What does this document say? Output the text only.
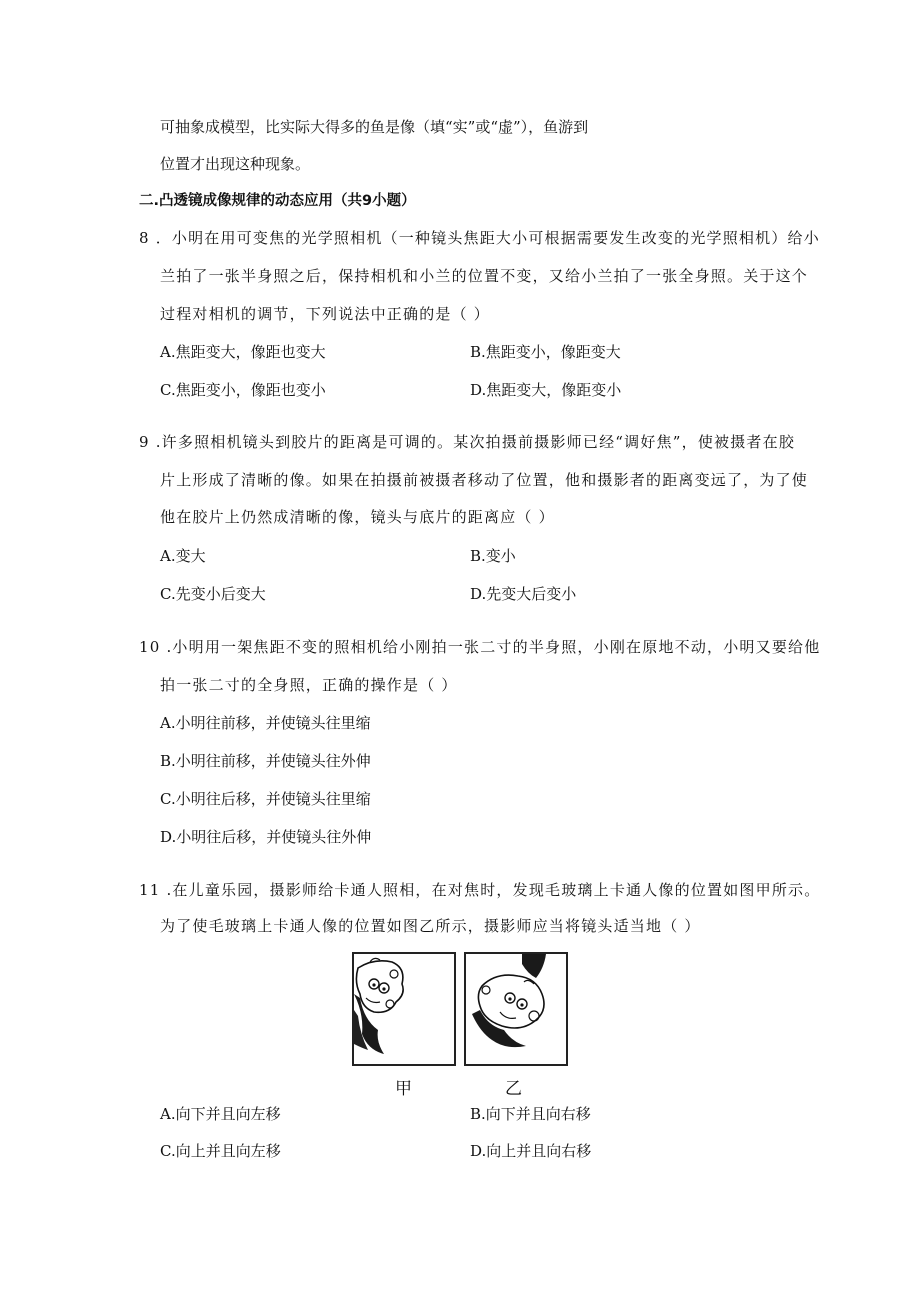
可抽象成模型，比实际大得多的鱼是像（填“实”或“虚”），鱼游到
位置才出现这种现象。
二.凸透镜成像规律的动态应用（共9小题）
8 ．小明在用可变焦的光学照相机（一种镜头焦距大小可根据需要发生改变的光学照相机）给小
兰拍了一张半身照之后，保持相机和小兰的位置不变，又给小兰拍了一张全身照。关于这个
过程对相机的调节，下列说法中正确的是（ ）
A.焦距变大，像距也变大	B.焦距变小，像距变大
C.焦距变小，像距也变小	D.焦距变大，像距变小
9 .许多照相机镜头到胶片的距离是可调的。某次拍摄前摄影师已经“调好焦”，使被摄者在胶
片上形成了清晰的像。如果在拍摄前被摄者移动了位置，他和摄影者的距离变远了，为了使
他在胶片上仍然成清晰的像，镜头与底片的距离应（ ）
A.变大	B.变小
C.先变小后变大	D.先变大后变小
10 .小明用一架焦距不变的照相机给小刚拍一张二寸的半身照，小刚在原地不动，小明又要给他
拍一张二寸的全身照，正确的操作是（ ）
A.小明往前移，并使镜头往里缩
B.小明往前移，并使镜头往外伸
C.小明往后移，并使镜头往里缩
D.小明往后移，并使镜头往外伸
11 .在儿童乐园，摄影师给卡通人照相，在对焦时，发现毛玻璃上卡通人像的位置如图甲所示。
为了使毛玻璃上卡通人像的位置如图乙所示，摄影师应当将镜头适当地（ ）
甲	乙
A.向下并且向左移	B.向下并且向右移
C.向上并且向左移	D.向上并且向右移
